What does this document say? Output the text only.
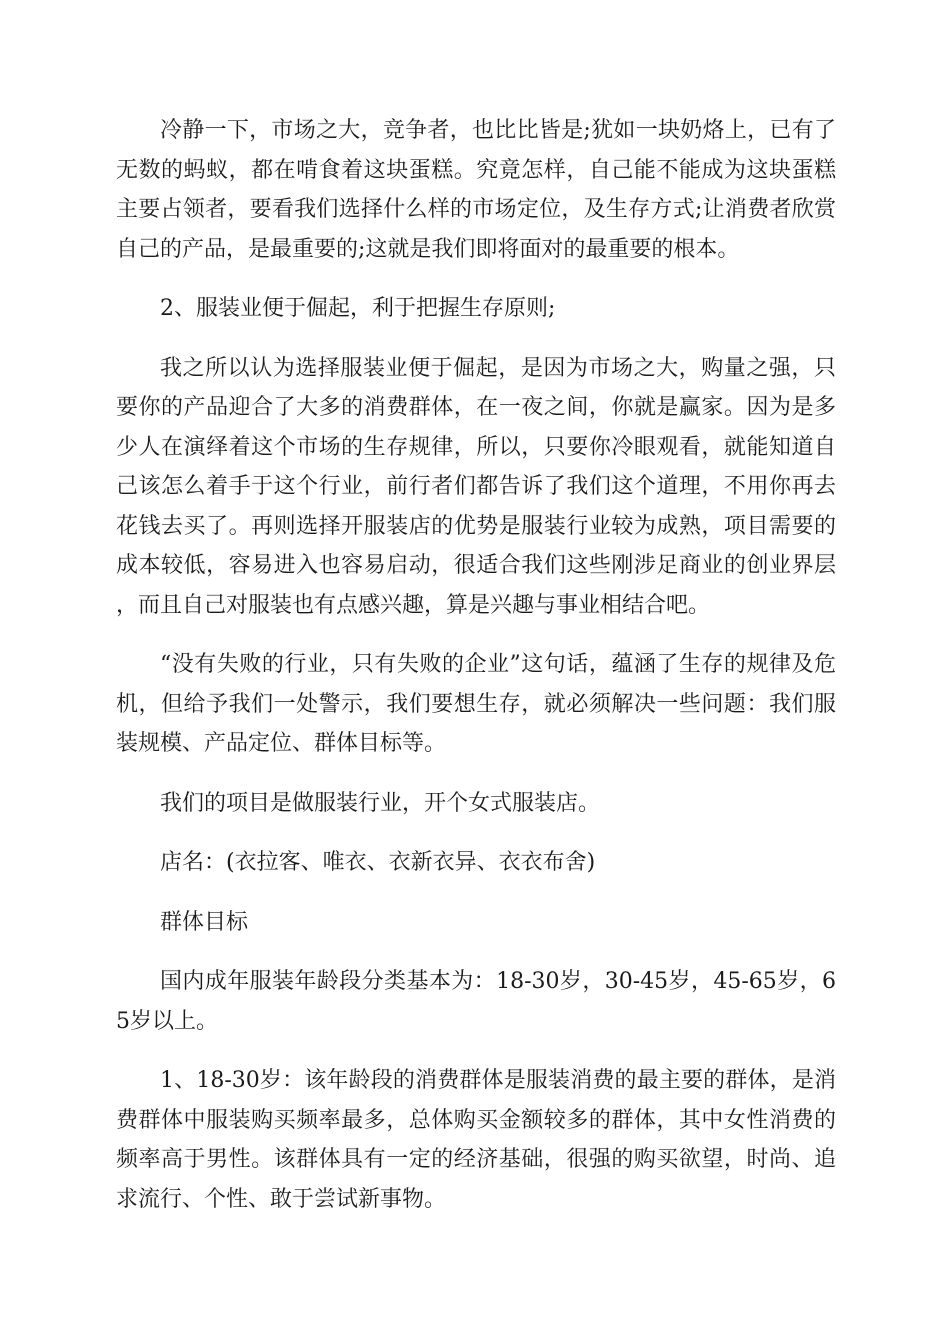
冷静一下，市场之大，竞争者，也比比皆是;犹如一块奶烙上，已有了无数的蚂蚁，都在啃食着这块蛋糕。究竟怎样，自己能不能成为这块蛋糕主要占领者，要看我们选择什么样的市场定位，及生存方式;让消费者欣赏自己的产品，是最重要的;这就是我们即将面对的最重要的根本。

2、服装业便于倔起，利于把握生存原则;

我之所以认为选择服装业便于倔起，是因为市场之大，购量之强，只要你的产品迎合了大多的消费群体，在一夜之间，你就是赢家。因为是多少人在演绎着这个市场的生存规律，所以，只要你冷眼观看，就能知道自己该怎么着手于这个行业，前行者们都告诉了我们这个道理，不用你再去花钱去买了。再则选择开服装店的优势是服装行业较为成熟，项目需要的成本较低，容易进入也容易启动，很适合我们这些刚涉足商业的创业界层，而且自己对服装也有点感兴趣，算是兴趣与事业相结合吧。

“没有失败的行业，只有失败的企业”这句话，蕴涵了生存的规律及危机，但给予我们一处警示，我们要想生存，就必须解决一些问题：我们服装规模、产品定位、群体目标等。

我们的项目是做服装行业，开个女式服装店。

店名：(衣拉客、唯衣、衣新衣异、衣衣布舍)

群体目标

国内成年服装年龄段分类基本为：18-30岁，30-45岁，45-65岁，65岁以上。

1、18-30岁：该年龄段的消费群体是服装消费的最主要的群体，是消费群体中服装购买频率最多，总体购买金额较多的群体，其中女性消费的频率高于男性。该群体具有一定的经济基础，很强的购买欲望，时尚、追求流行、个性、敢于尝试新事物。
